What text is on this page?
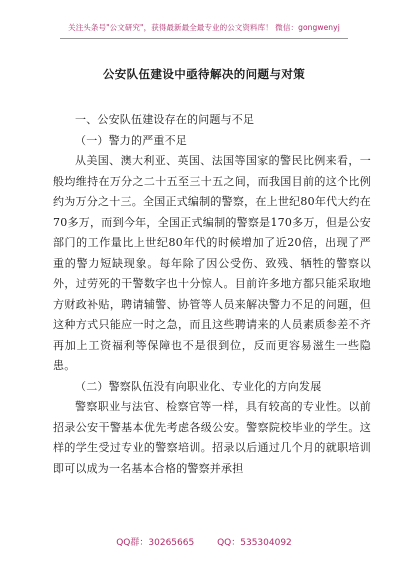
关注头条号"公文研究"，获得最新最全最专业的公文资料库！ 微信：gongwenyj
公安队伍建设中亟待解决的问题与对策

一、公安队伍建设存在的问题与不足

（一）警力的严重不足

从美国、澳大利亚、英国、法国等国家的警民比例来看，一般均维持在万分之二十五至三十五之间，而我国目前的这个比例约为万分之十三。全国正式编制的警察，在上世纪80年代大约在70多万，而到今年，全国正式编制的警察是170多万，但是公安部门的工作量比上世纪80年代的时候增加了近20倍，出现了严重的警力短缺现象。每年除了因公受伤、致残、牺牲的警察以外，过劳死的干警数字也十分惊人。目前许多地方都只能采取地方财政补贴，聘请辅警、协管等人员来解决警力不足的问题，但这种方式只能应一时之急，而且这些聘请来的人员素质参差不齐再加上工资福利等保障也不是很到位，反而更容易滋生一些隐患。

（二）警察队伍没有向职业化、专业化的方向发展

警察职业与法官、检察官等一样，具有较高的专业性。以前招录公安干警基本优先考虑各级公安。警察院校毕业的学生。这样的学生受过专业的警察培训。招录以后通过几个月的就职培训即可以成为一名基本合格的警察并承担

QQ群：30265665	QQ：535304092
